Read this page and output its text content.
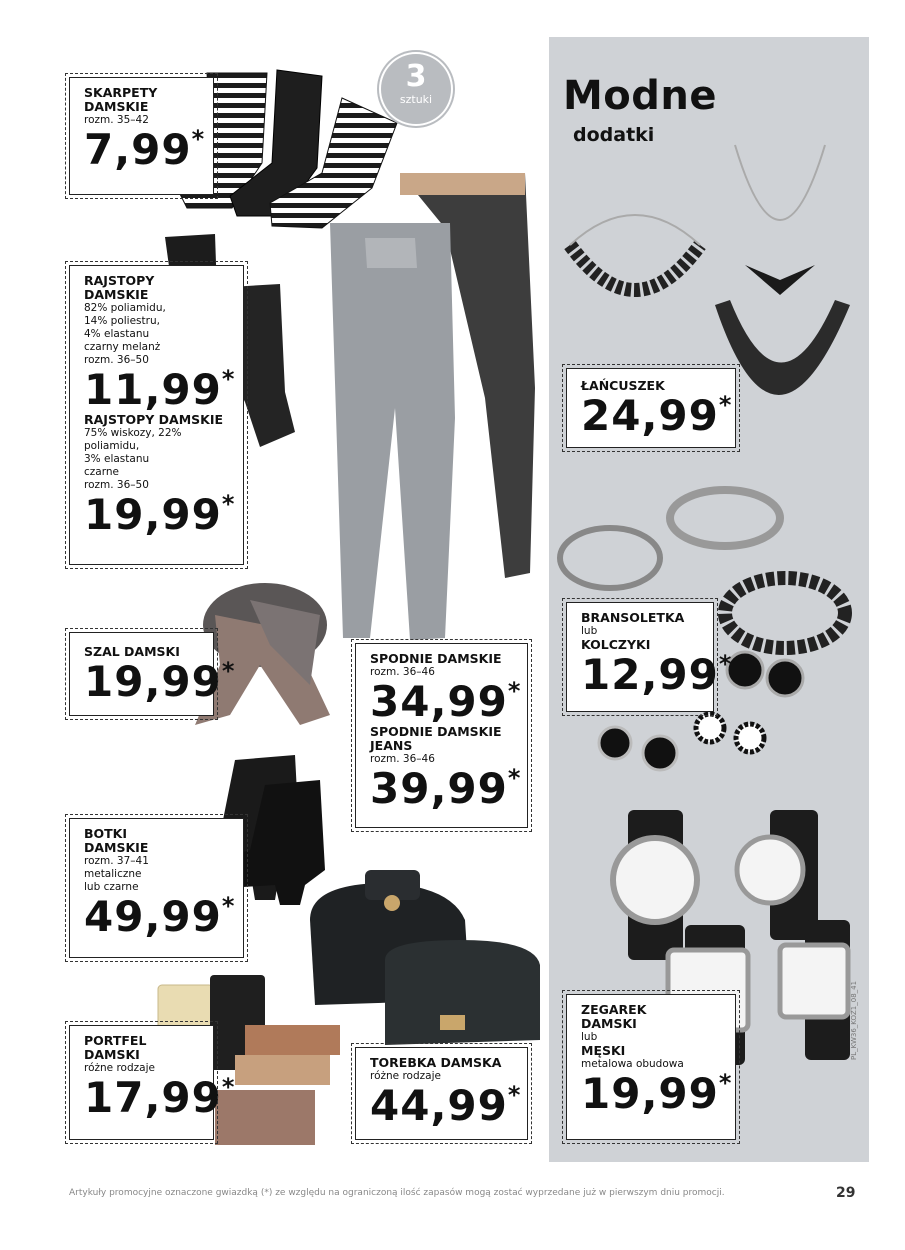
Modne
dodatki
3
sztuki
SKARPETY DAMSKIE
rozm. 35–42
7,99*
RAJSTOPY DAMSKIE
82% poliamidu,
14% poliestru,
4% elastanu
czarny melanż
rozm. 36–50
11,99*
RAJSTOPY DAMSKIE
75% wiskozy, 22% poliamidu,
3% elastanu
czarne
rozm. 36–50
19,99*
SZAL DAMSKI
19,99*	SPODNIE DAMSKIE
rozm. 36–46
34,99*
SPODNIE DAMSKIE JEANS
rozm. 36–46
39,99*
BOTKI DAMSKIE
rozm. 37–41
metaliczne
lub czarne
49,99*
PORTFEL DAMSKI
różne rodzaje
17,99*
TOREBKA DAMSKA
różne rodzaje
44,99*
ŁAŃCUSZEK
24,99*
BRANSOLETKA
lub
KOLCZYKI
12,99*
ZEGAREK DAMSKI
lub
MĘSKI
metalowa obudowa
19,99*
Artykuły promocyjne oznaczone gwiazdką (*) ze względu na ograniczoną ilość zapasów mogą zostać wyprzedane już w pierwszym dniu promocji.	29
PL_KW36_KOZ1_08_41
